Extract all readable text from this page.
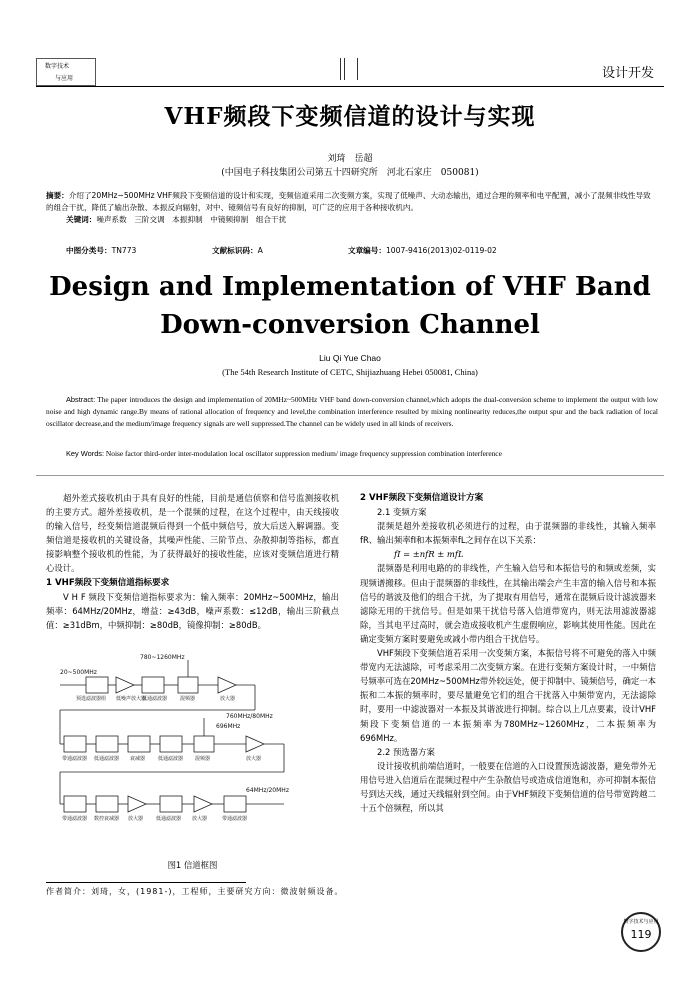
数字技术
与应用	设计开发
VHF频段下变频信道的设计与实现
刘琦　岳超
(中国电子科技集团公司第五十四研究所　河北石家庄　050081)
摘要：介绍了20MHz~500MHz VHF频段下变频信道的设计和实现，变频信道采用二次变频方案，实现了低噪声、大动态输出，通过合理的频率和电平配置，减小了混频非线性导致的组合干扰，降低了输出杂散、本振反向辐射，对中、镜频信号有良好的抑制，可广泛的应用于各种接收机内。
关键词：噪声系数　三阶交调　本振抑制　中镜频抑制　组合干扰
中图分类号：TN773	文献标识码：A	文章编号：1007-9416(2013)02-0119-02
Design and Implementation of VHF Band
Down-conversion Channel
Liu Qi Yue Chao
(The 54th Research Institute of CETC, Shijiazhuang Hebei 050081, China)
Abstract: The paper introduces the design and implementation of 20MHz~500MHz VHF band down-conversion channel,which adopts the dual-conversion scheme to implement the output with low noise and high dynamic range.By means of rational allocation of frequency and level,the combination interference resulted by mixing nonlinearity reduces,the output spur and the back radiation of local oscillator decrease,and the medium/image frequency signals are well suppressed.The channel can be widely used in all kinds of receivers.
Key Words: Noise factor third-order inter-modulation local oscillator suppression medium/ image frequency suppression combination interference

超外差式接收机由于具有良好的性能，目前是通信侦察和信号监测接收机的主要方式。超外差接收机，是一个混频的过程，在这个过程中，由天线接收的输入信号，经变频信道混频后得到一个低中频信号，放大后送入解调器。变频信道是接收机的关键设备，其噪声性能、三阶节点、杂散抑制等指标，都直接影响整个接收机的性能，为了获得最好的接收性能，应该对变频信道进行精心设计。

1 VHF频段下变频信道指标要求

V H F 频段下变频信道指标要求为：输入频率：20MHz~500MHz，输出频率：64MHz/20MHz，增益：≥43dB，噪声系数：≤12dB，输出三阶截点值：≥31dBm，中频抑制：≥80dB，镜像抑制：≥80dB。

780~1260MHz
20~500MHz
760MHz/80MHz
696MHz
64MHz/20MHz
预选滤波器组 低噪声放大器
低通滤波器	混频器	放大器
带通滤波器 低通滤波器 衰减器	低通滤波器 混频器	放大器
带通滤波器 数控衰减器 放大器	低通滤波器 放大器	带通滤波器
图1 信道框图
2 VHF频段下变频信道设计方案
2.1 变频方案

混频是超外差接收机必须进行的过程，由于混频器的非线性，其输入频率fR、输出频率fI和本振频率fL之间存在以下关系：

fI = ±nfR ± mfL

混频器是利用电路的的非线性，产生输入信号和本振信号的和频或差频，实现频谱搬移。但由于混频器的非线性，在其输出端会产生丰富的输入信号和本振信号的谐波及他们的组合干扰，为了提取有用信号，通常在混频后设计滤波器来滤除无用的干扰信号。但是如果干扰信号落入信道带宽内，则无法用滤波器滤除，当其电平过高时，就会造成接收机产生虚假响应，影响其使用性能。因此在确定变频方案时要避免或减小带内组合干扰信号。

VHF频段下变频信道若采用一次变频方案，本振信号将不可避免的落入中频带宽内无法滤除，可考虑采用二次变频方案。在进行变频方案设计时，一中频信号频率可选在20MHz~500MHz带外较远处，便于抑制中、镜频信号，确定一本振和二本振的频率时，要尽量避免它们的组合干扰落入中频带宽内，无法滤除时，要用一中滤波器对一本振及其谐波进行抑制。综合以上几点要素，设计VHF频段下变频信道的一本振频率为780MHz~1260MHz，二本振频率为696MHz。

2.2 预选器方案

设计接收机前端信道时，一般要在信道的入口设置预选滤波器，避免带外无用信号进入信道后在混频过程中产生杂散信号或造成信道饱和，亦可抑制本振信号到达天线，通过天线辐射到空间。由于VHF频段下变频信道的信号带宽跨越二十五个倍频程，所以其

作者简介：刘琦，女，(1981-)，工程师，主要研究方向：微波射频设备。
数字技术与应用
119
